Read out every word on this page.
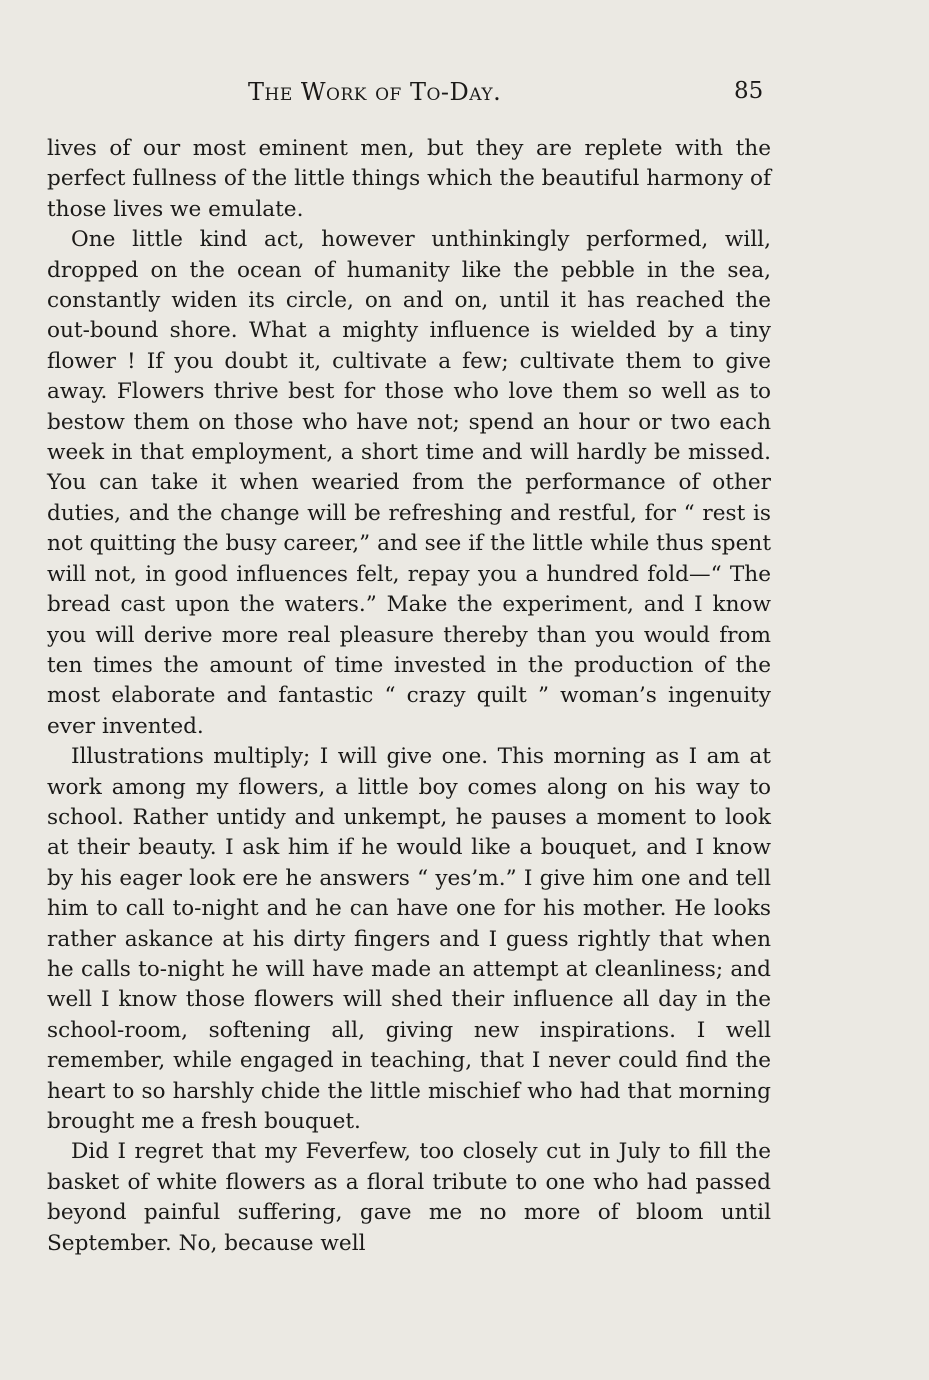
The Work of To-Day.	85

lives of our most eminent men, but they are replete with the perfect fullness of the little things which the beautiful harmony of those lives we emulate.

One little kind act, however unthinkingly performed, will, dropped on the ocean of humanity like the pebble in the sea, constantly widen its circle, on and on, until it has reached the out-bound shore. What a mighty influence is wielded by a tiny flower ! If you doubt it, cultivate a few; cultivate them to give away. Flowers thrive best for those who love them so well as to bestow them on those who have not; spend an hour or two each week in that employment, a short time and will hardly be missed. You can take it when wearied from the performance of other duties, and the change will be refreshing and restful, for “ rest is not quitting the busy career,” and see if the little while thus spent will not, in good influences felt, repay you a hundred fold—“ The bread cast upon the waters.” Make the experiment, and I know you will derive more real pleasure thereby than you would from ten times the amount of time invested in the production of the most elaborate and fantastic “ crazy quilt ” woman’s ingenuity ever invented.

Illustrations multiply; I will give one. This morning as I am at work among my flowers, a little boy comes along on his way to school. Rather untidy and unkempt, he pauses a moment to look at their beauty. I ask him if he would like a bouquet, and I know by his eager look ere he answers “ yes’m.” I give him one and tell him to call to-night and he can have one for his mother. He looks rather askance at his dirty fingers and I guess rightly that when he calls to-night he will have made an attempt at cleanliness; and well I know those flowers will shed their influence all day in the school-room, softening all, giving new inspirations. I well remember, while engaged in teaching, that I never could find the heart to so harshly chide the little mischief who had that morning brought me a fresh bouquet.

Did I regret that my Feverfew, too closely cut in July to fill the basket of white flowers as a floral tribute to one who had passed beyond painful suffering, gave me no more of bloom until September. No, because well
